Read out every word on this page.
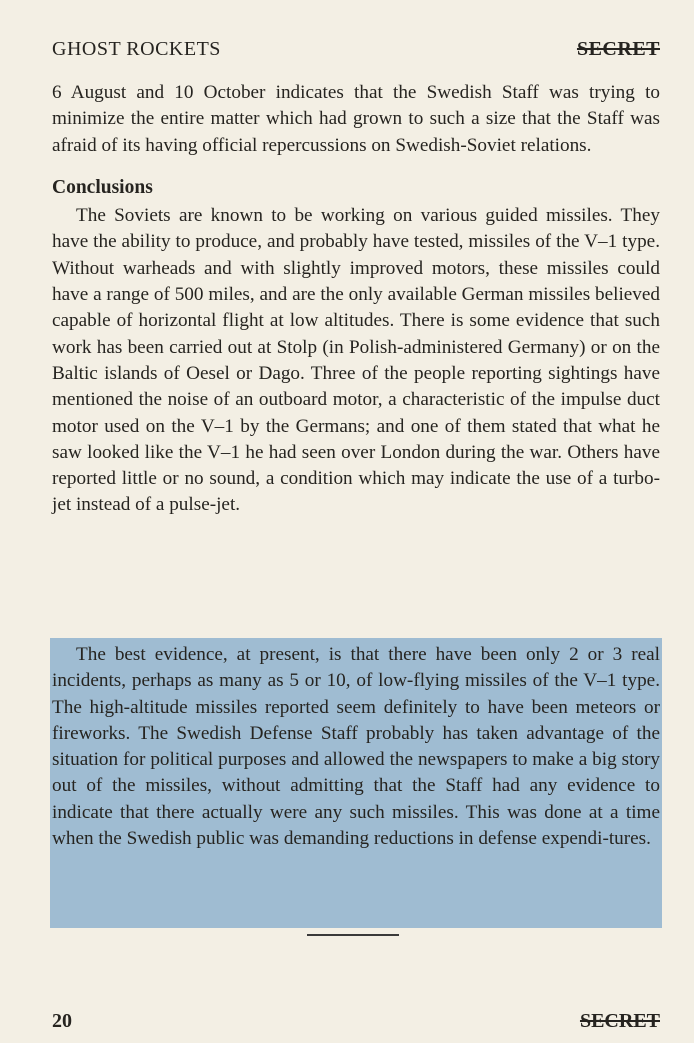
GHOST ROCKETS	SECRET

6 August and 10 October indicates that the Swedish Staff was trying to minimize the entire matter which had grown to such a size that the Staff was afraid of its having official repercussions on Swedish-Soviet relations.

Conclusions

The Soviets are known to be working on various guided missiles. They have the ability to produce, and probably have tested, missiles of the V–1 type. Without warheads and with slightly improved motors, these missiles could have a range of 500 miles, and are the only available German missiles believed capable of horizontal flight at low altitudes. There is some evidence that such work has been carried out at Stolp (in Polish-administered Germany) or on the Baltic islands of Oesel or Dago. Three of the people reporting sightings have mentioned the noise of an outboard motor, a characteristic of the impulse duct motor used on the V–1 by the Germans; and one of them stated that what he saw looked like the V–1 he had seen over London during the war. Others have reported little or no sound, a condition which may indicate the use of a turbo-jet instead of a pulse-jet.

The best evidence, at present, is that there have been only 2 or 3 real incidents, perhaps as many as 5 or 10, of low-flying missiles of the V–1 type. The high-altitude missiles reported seem definitely to have been meteors or fireworks. The Swedish Defense Staff probably has taken advantage of the situation for political purposes and allowed the newspapers to make a big story out of the missiles, without admitting that the Staff had any evidence to indicate that there actually were any such missiles. This was done at a time when the Swedish public was demanding reductions in defense expendi-tures.

20	SECRET
